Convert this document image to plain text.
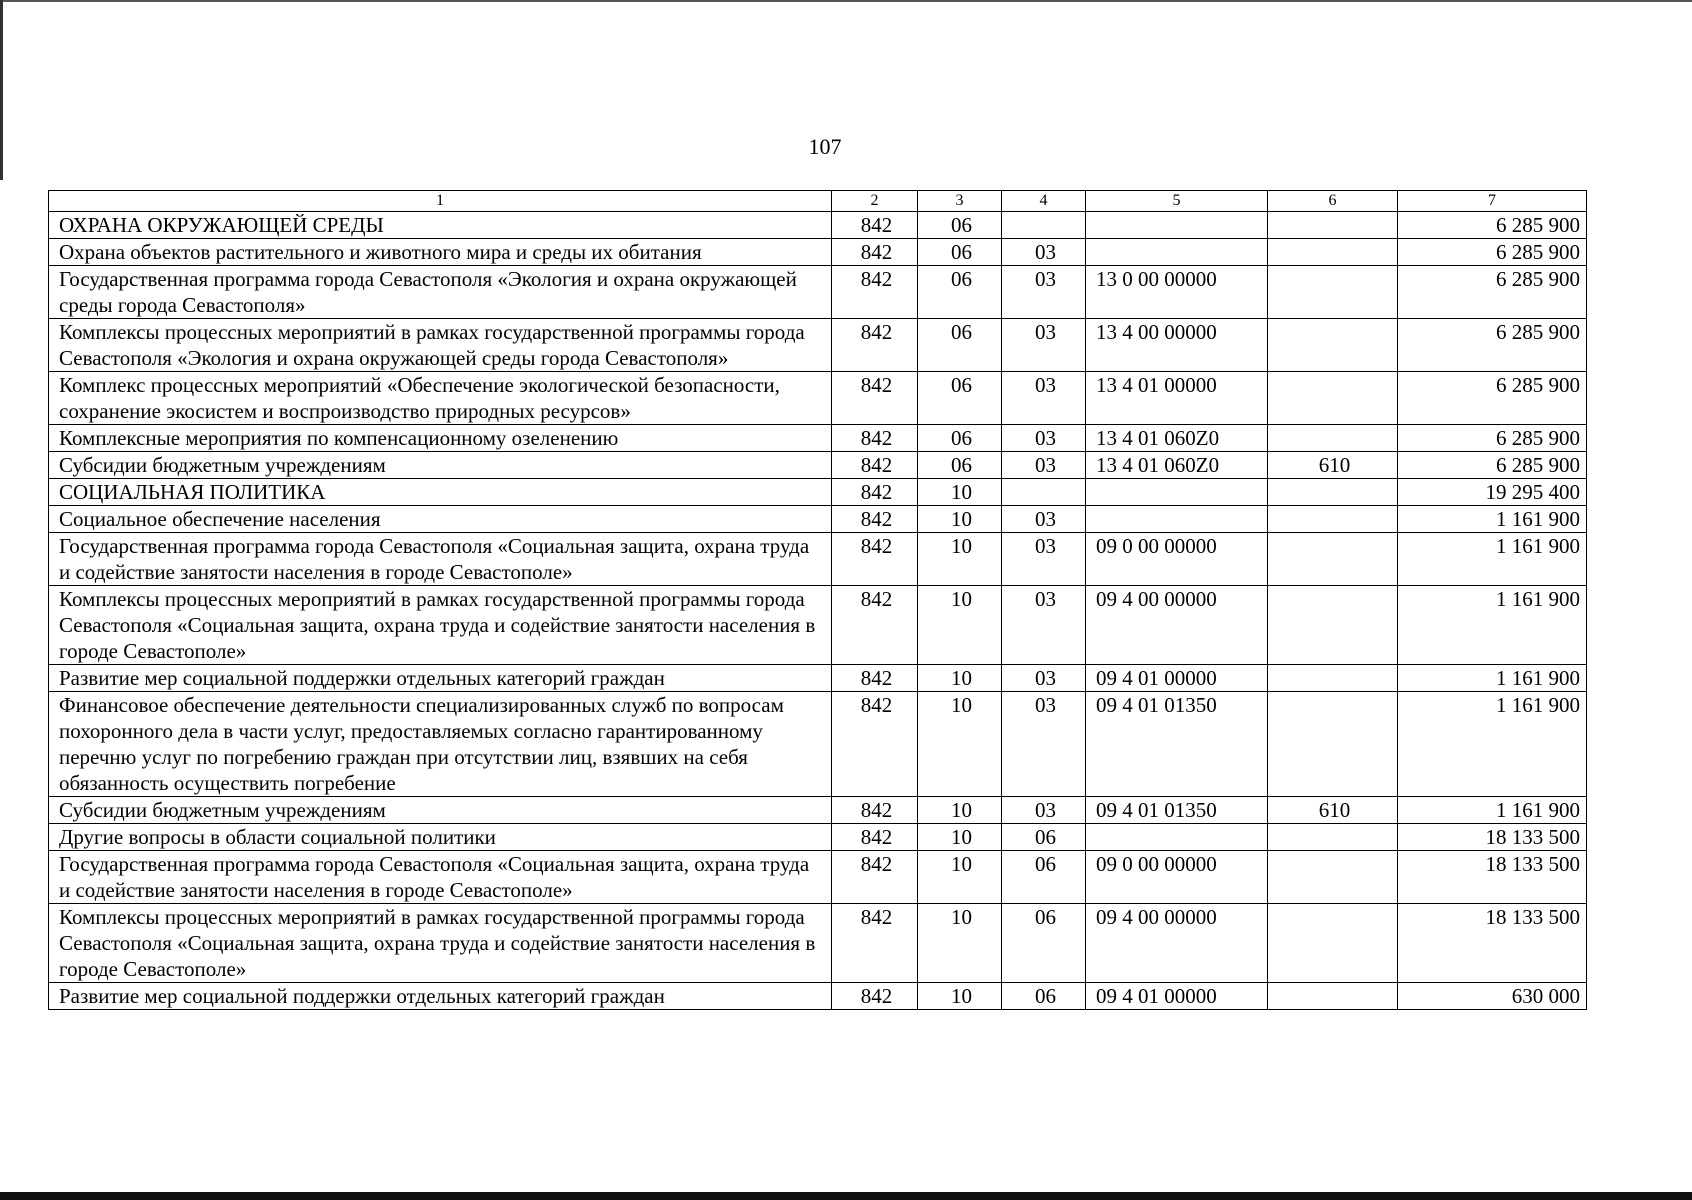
107
1	2	3	4	5	6	7
ОХРАНА ОКРУЖАЮЩЕЙ СРЕДЫ	842	06				6 285 900
Охрана объектов растительного и животного мира и среды их обитания	842	06	03			6 285 900
Государственная программа города Севастополя «Экология и охрана окружающей среды города Севастополя»	842	06	03	13 0 00 00000		6 285 900
Комплексы процессных мероприятий в рамках государственной программы города Севастополя «Экология и охрана окружающей среды города Севастополя»	842	06	03	13 4 00 00000		6 285 900
Комплекс процессных мероприятий «Обеспечение экологической безопасности, сохранение экосистем и воспроизводство природных ресурсов»	842	06	03	13 4 01 00000		6 285 900
Комплексные мероприятия по компенсационному озеленению	842	06	03	13 4 01 060Z0		6 285 900
Субсидии бюджетным учреждениям	842	06	03	13 4 01 060Z0	610	6 285 900
СОЦИАЛЬНАЯ ПОЛИТИКА	842	10				19 295 400
Социальное обеспечение населения	842	10	03			1 161 900
Государственная программа города Севастополя «Социальная защита, охрана труда и содействие занятости населения в городе Севастополе»	842	10	03	09 0 00 00000		1 161 900
Комплексы процессных мероприятий в рамках государственной программы города Севастополя «Социальная защита, охрана труда и содействие занятости населения в городе Севастополе»	842	10	03	09 4 00 00000		1 161 900
Развитие мер социальной поддержки отдельных категорий граждан	842	10	03	09 4 01 00000		1 161 900
Финансовое обеспечение деятельности специализированных служб по вопросам похоронного дела в части услуг, предоставляемых согласно гарантированному перечню услуг по погребению граждан при отсутствии лиц, взявших на себя обязанность осуществить погребение	842	10	03	09 4 01 01350		1 161 900
Субсидии бюджетным учреждениям	842	10	03	09 4 01 01350	610	1 161 900
Другие вопросы в области социальной политики	842	10	06			18 133 500
Государственная программа города Севастополя «Социальная защита, охрана труда и содействие занятости населения в городе Севастополе»	842	10	06	09 0 00 00000		18 133 500
Комплексы процессных мероприятий в рамках государственной программы города Севастополя «Социальная защита, охрана труда и содействие занятости населения в городе Севастополе»	842	10	06	09 4 00 00000		18 133 500
Развитие мер социальной поддержки отдельных категорий граждан	842	10	06	09 4 01 00000		630 000
